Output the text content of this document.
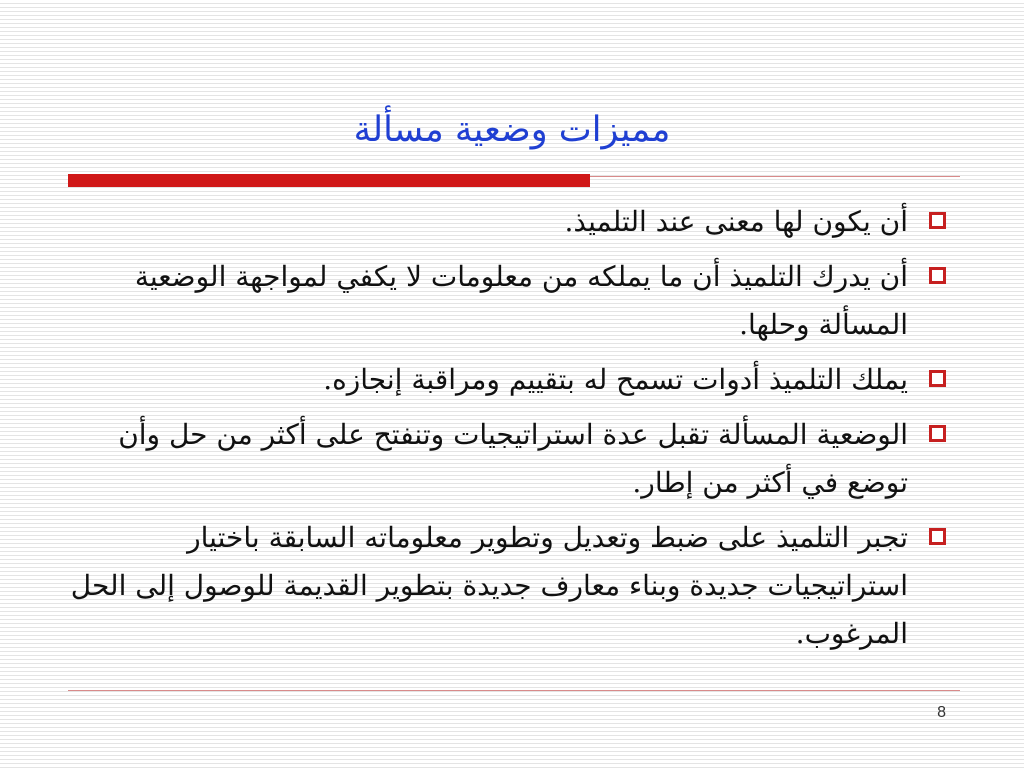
مميزات وضعية مسألة
أن يكون لها معنى عند التلميذ.
أن يدرك التلميذ أن ما يملكه من معلومات لا يكفي لمواجهة الوضعية المسألة وحلها.
يملك التلميذ أدوات تسمح له بتقييم ومراقبة إنجازه.
الوضعية المسألة تقبل عدة استراتيجيات وتنفتح على أكثر من حل وأن توضع في أكثر من إطار.
تجبر التلميذ على ضبط وتعديل وتطوير معلوماته السابقة باختيار استراتيجيات جديدة وبناء معارف جديدة بتطوير القديمة للوصول إلى الحل المرغوب.
8
